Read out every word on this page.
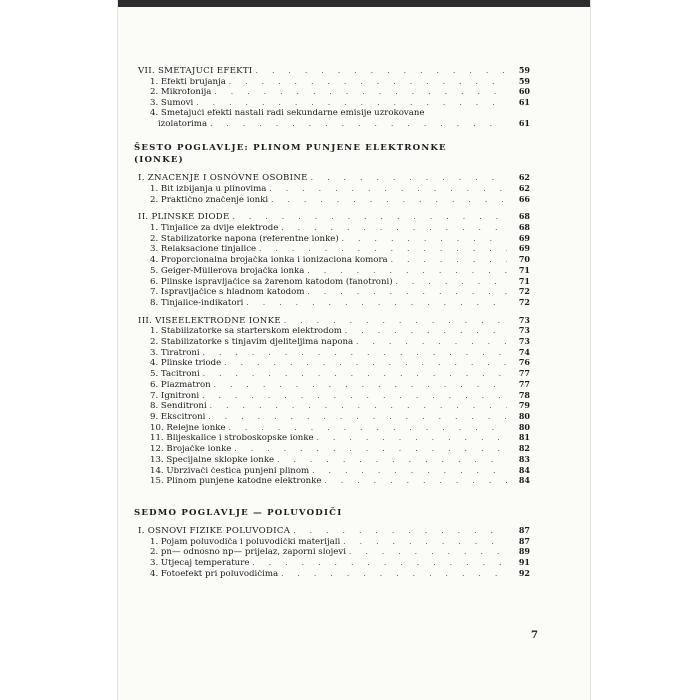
VII. SMETAJUĆI EFEKTI . . .	59
1. Efekti brujanja . . .	59
2. Mikrofonija . . .	60
3. Šumovi . . .	61
4. Smetajući efekti nastali radi sekundarne emisije uzrokovane
izolatorima . . .	61
ŠESTO POGLAVLJE: PLINOM PUNJENE ELEKTRONKE
(IONKE)
I. ZNAČENJE I OSNOVNE OSOBINE . . .	62
1. Bit izbijanja u plinovima . . .	62
2. Praktično značenje ionki . . .	66
II. PLINSKE DIODE . . .	68
1. Tinjalice za dvije elektrode . . .	68
2. Stabilizatorke napona (referentne ionke) . . .	69
3. Relaksacione tinjalice . . .	69
4. Proporcionalna brojačka ionka i ionizaciona komora . . .	70
5. Geiger-Müllerova brojačka ionka . . .	71
6. Plinske ispravljačice sa žarenom katodom (fanotroni) . . .	71
7. Ispravljačice s hladnom katodom . . .	72
8. Tinjalice-indikatori . . .	72
III. VIŠEELEKTRODNE IONKE . . .	73
1. Stabilizatorke sa starterskom elektrodom . . .	73
2. Stabilizatorke s tinjavim djeliteljima napona . . .	73
3. Tiratroni . . .	74
4. Plinske triode . . .	76
5. Tacitroni . . .	77
6. Plazmatron . . .	77
7. Ignitroni . . .	78
8. Senditroni . . .	79
9. Ekscitroni . . .	80
10. Relejne ionke . . .	80
11. Blijeskalice i stroboskopske ionke . . .	81
12. Brojačke ionke . . .	82
13. Specijalne sklopke ionke . . .	83
14. Ubrzivači čestica punjeni plinom . . .	84
15. Plinom punjene katodne elektronke . . .	84
SEDMO POGLAVLJE — POLUVODIČI
I. OSNOVI FIZIKE POLUVODIČA . . .	87
1. Pojam poluvodiča i poluvodički materijali . . .	87
2. pn— odnosno np— prijelaz, zaporni slojevi . . .	89
3. Utjecaj temperature . . .	91
4. Fotoefekt pri poluvodičima . . .	92
7
